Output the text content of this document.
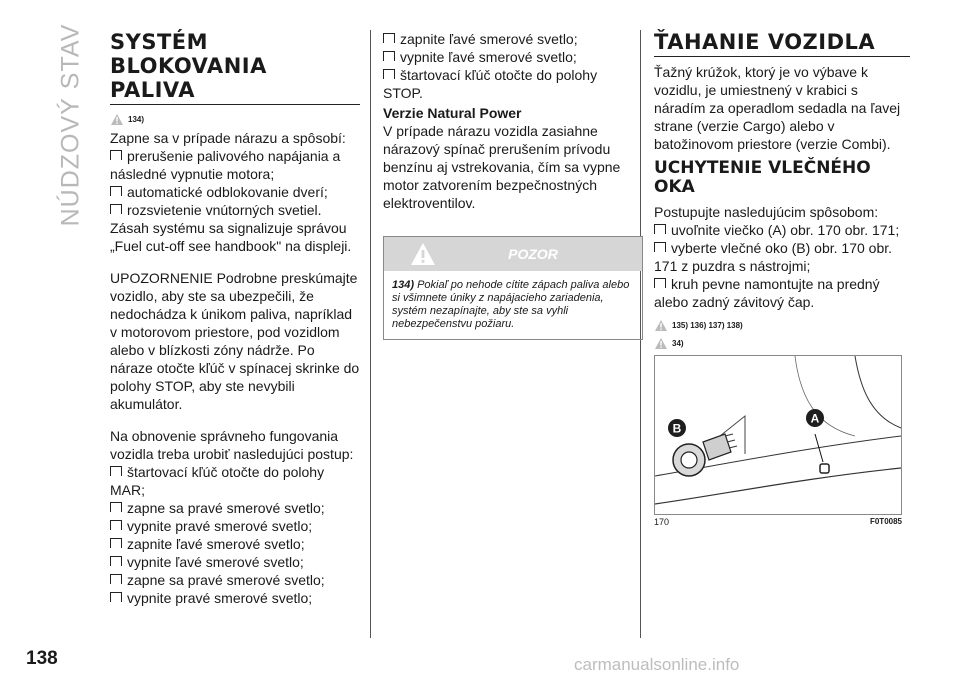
NÚDZOVÝ STAV
138
SYSTÉM
BLOKOVANIA
PALIVA
134)

Zapne sa v prípade nárazu a spôsobí:

prerušenie palivového napájania a následné vypnutie motora;

automatické odblokovanie dverí;

rozsvietenie vnútorných svetiel.

Zásah systému sa signalizuje správou „Fuel cut-off see handbook" na displeji.

UPOZORNENIE Podrobne preskúmajte vozidlo, aby ste sa ubezpečili, že nedochádza k únikom paliva, napríklad v motorovom priestore, pod vozidlom alebo v blízkosti zóny nádrže. Po náraze otočte kľúč v spínacej skrinke do polohy STOP, aby ste nevybili akumulátor.

Na obnovenie správneho fungovania vozidla treba urobiť nasledujúci postup:

štartovací kľúč otočte do polohy MAR;

zapne sa pravé smerové svetlo;

vypnite pravé smerové svetlo;

zapnite ľavé smerové svetlo;

vypnite ľavé smerové svetlo;

zapne sa pravé smerové svetlo;

vypnite pravé smerové svetlo;

zapnite ľavé smerové svetlo;

vypnite ľavé smerové svetlo;

štartovací kľúč otočte do polohy STOP.

Verzie Natural Power

V prípade nárazu vozidla zasiahne nárazový spínač prerušením prívodu benzínu aj vstrekovania, čím sa vypne motor zatvorením bezpečnostných elektroventilov.

POZOR
134) Pokiaľ po nehode cítite zápach paliva alebo si všimnete úniky z napájacieho zariadenia, systém nezapínajte, aby ste sa vyhli nebezpečenstvu požiaru.
ŤAHANIE VOZIDLA

Ťažný krúžok, ktorý je vo výbave k vozidlu, je umiestnený v krabici s náradím za operadlom sedadla na ľavej strane (verzie Cargo) alebo v batožinovom priestore (verzie Combi).

UCHYTENIE VLEČNÉHO
OKA

Postupujte nasledujúcim spôsobom:

uvoľnite viečko (A) obr. 170 obr. 171;

vyberte vlečné oko (B) obr. 170 obr. 171 z puzdra s nástrojmi;

kruh pevne namontujte na predný alebo zadný závitový čap.

135) 136) 137) 138)
34)
A
B
170	F0T0085
carmanualsonline.info
